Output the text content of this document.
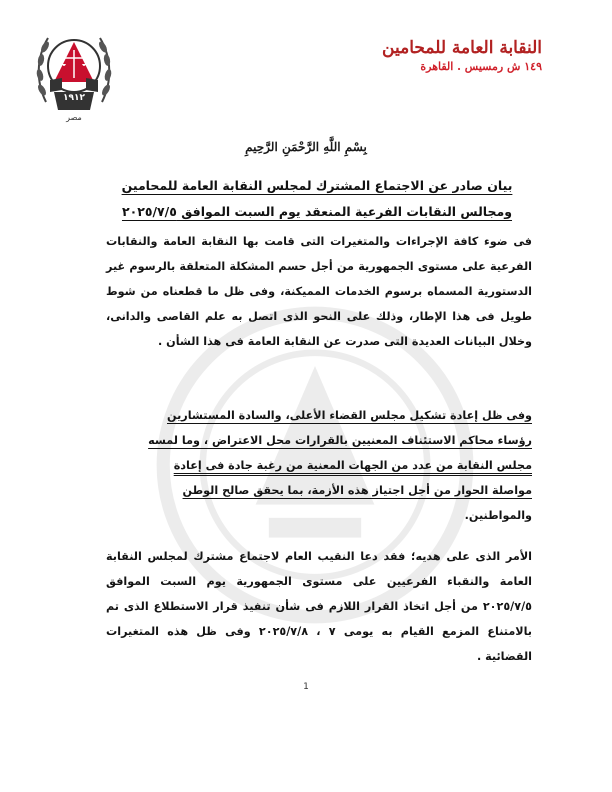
١٩١٢
مصر
النقابة العامة للمحامين
١٤٩ ش رمسيس . القاهرة
بِسْمِ اللَّهِ الرَّحْمَنِ الرَّحِيمِ
بيان صادر عن الاجتماع المشترك لمجلس النقابة العامة للمحامين
ومجالس النقابات الفرعية المنعقد يوم السبت الموافق ٢٠٢٥/٧/٥
فى ضوء كافة الإجراءات والمتغيرات التى قامت بها النقابة العامة والنقابات الفرعية على مستوى الجمهورية من أجل حسم المشكلة المتعلقة بالرسوم غير الدستورية المسماه برسوم الخدمات المميكنة، وفى ظل ما قطعناه من شوط طويل فى هذا الإطار، وذلك على النحو الذى اتصل به علم القاصى والدانى، وخلال البيانات العديدة التى صدرت عن النقابة العامة فى هذا الشأن .
وفى ظل إعادة تشكيل مجلس القضاء الأعلى، والسادة المستشارين
رؤساء محاكم الاستئناف المعنيين بالقرارات محل الاعتراض ، وما لمسه
مجلس النقابة من عدد من الجهات المعنية من رغبة جادة فى إعادة
مواصلة الحوار من أجل اجتياز هذه الأزمة، بما يحقق صالح الوطن
والمواطنين.
الأمر الذى على هديه؛ فقد دعا النقيب العام لاجتماع مشترك لمجلس النقابة العامة والنقباء الفرعيين على مستوى الجمهورية يوم السبت الموافق ٢٠٢٥/٧/٥ من أجل اتخاذ القرار اللازم فى شأن تنفيذ قرار الاستطلاع الذى تم بالامتناع المزمع القيام به يومى ٧ ، ٢٠٢٥/٧/٨ وفى ظل هذه المتغيرات القضائية .
1
